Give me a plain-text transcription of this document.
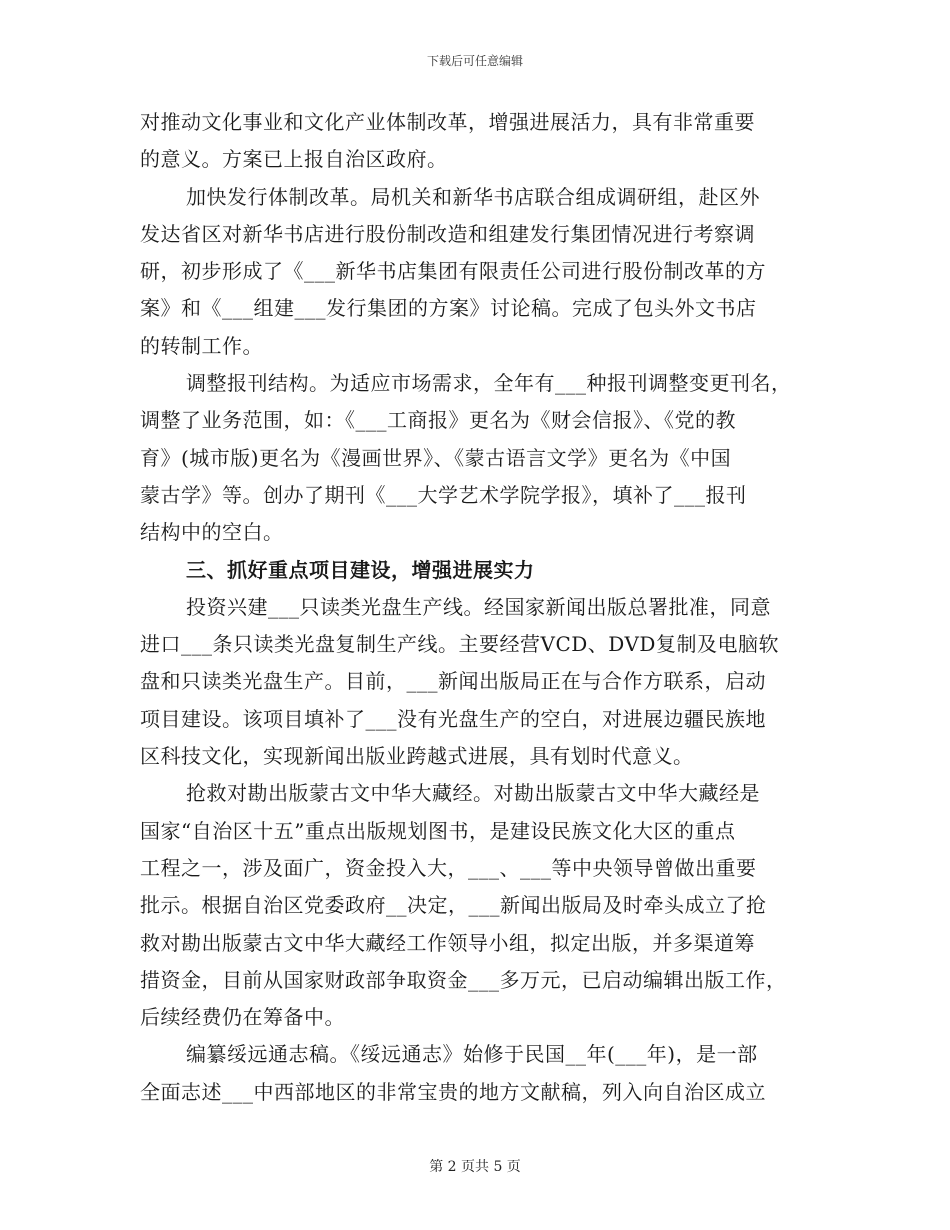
下载后可任意编辑
对推动文化事业和文化产业体制改革，增强进展活力，具有非常重要
的意义。方案已上报自治区政府。
加快发行体制改革。局机关和新华书店联合组成调研组，赴区外
发达省区对新华书店进行股份制改造和组建发行集团情况进行考察调
研，初步形成了《___新华书店集团有限责任公司进行股份制改革的方
案》和《___组建___发行集团的方案》讨论稿。完成了包头外文书店
的转制工作。
调整报刊结构。为适应市场需求，全年有___种报刊调整变更刊名，
调整了业务范围，如：《___工商报》更名为《财会信报》、《党的教
育》(城市版)更名为《漫画世界》、《蒙古语言文学》更名为《中国
蒙古学》等。创办了期刊《___大学艺术学院学报》，填补了___报刊
结构中的空白。
三、抓好重点项目建设，增强进展实力
投资兴建___只读类光盘生产线。经国家新闻出版总署批准，同意
进口___条只读类光盘复制生产线。主要经营VCD、DVD复制及电脑软
盘和只读类光盘生产。目前，___新闻出版局正在与合作方联系，启动
项目建设。该项目填补了___没有光盘生产的空白，对进展边疆民族地
区科技文化，实现新闻出版业跨越式进展，具有划时代意义。
抢救对勘出版蒙古文中华大藏经。对勘出版蒙古文中华大藏经是
国家“自治区十五”重点出版规划图书，是建设民族文化大区的重点
工程之一，涉及面广，资金投入大，___、___等中央领导曾做出重要
批示。根据自治区党委政府__决定，___新闻出版局及时牵头成立了抢
救对勘出版蒙古文中华大藏经工作领导小组，拟定出版，并多渠道筹
措资金，目前从国家财政部争取资金___多万元，已启动编辑出版工作，
后续经费仍在筹备中。
编纂绥远通志稿。《绥远通志》始修于民国__年(___年)，是一部
全面志述___中西部地区的非常宝贵的地方文献稿，列入向自治区成立
第 2 页共 5 页
